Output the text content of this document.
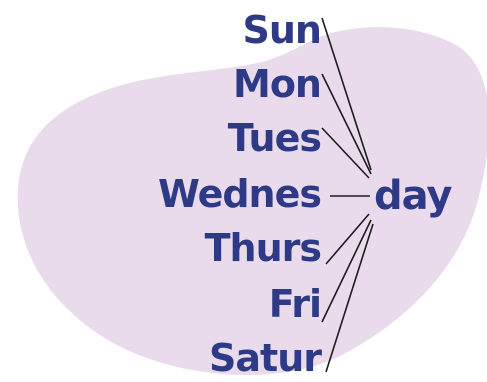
Sun
Mon
Tues
Wednes
Thurs
Fri
Satur
day
